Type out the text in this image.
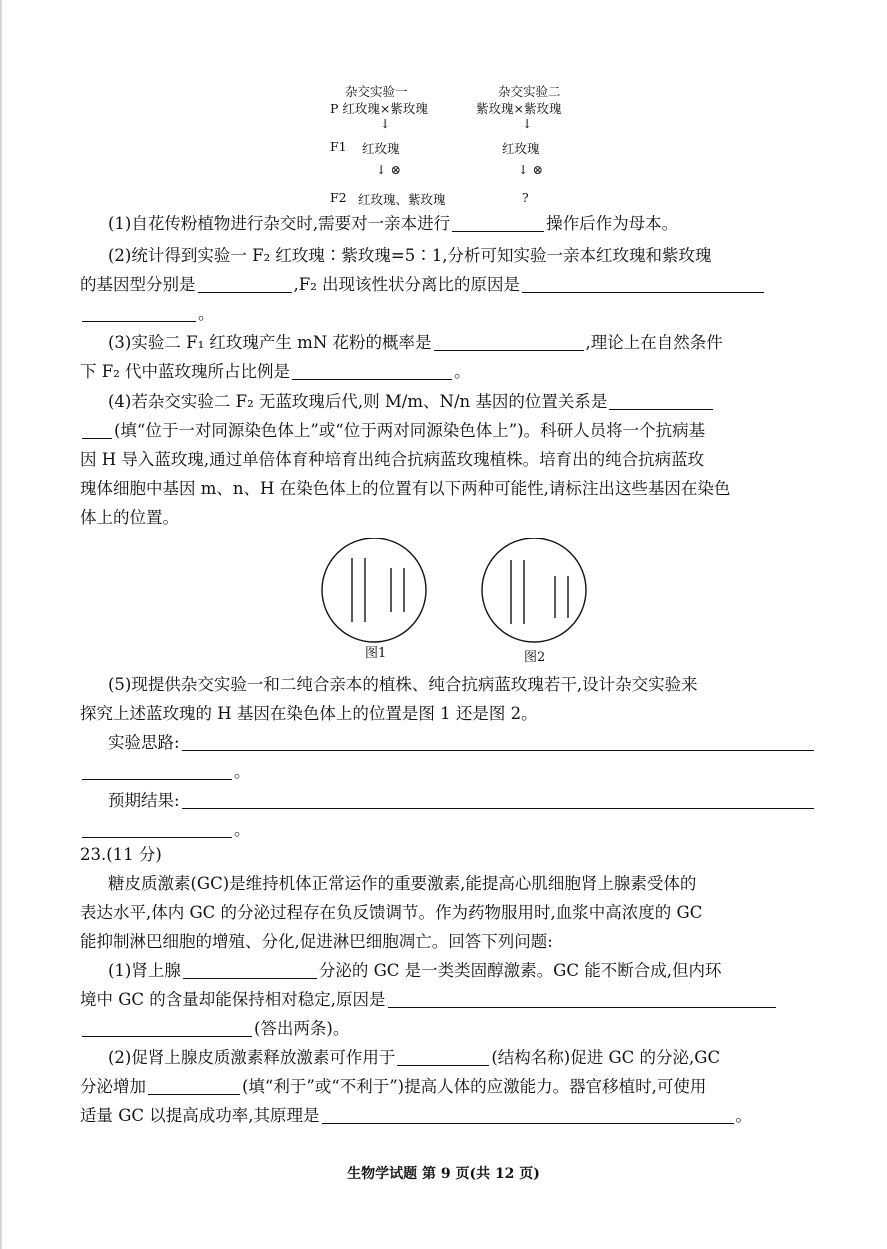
杂交实验一	杂交实验二
P 红玫瑰×紫玫瑰	紫玫瑰×紫玫瑰
↓	↓
F1 红玫瑰	红玫瑰
↓ ⊗	↓ ⊗
F2 红玫瑰、紫玫瑰	?
(1)自花传粉植物进行杂交时,需要对一亲本进行	操作后作为母本。
(2)统计得到实验一 F₂ 红玫瑰∶紫玫瑰=5∶1,分析可知实验一亲本红玫瑰和紫玫瑰
的基因型分别是	,F₂ 出现该性状分离比的原因是
。
(3)实验二 F₁ 红玫瑰产生 mN 花粉的概率是	,理论上在自然条件
下 F₂ 代中蓝玫瑰所占比例是	。
(4)若杂交实验二 F₂ 无蓝玫瑰后代,则 M/m、N/n 基因的位置关系是
(填“位于一对同源染色体上”或“位于两对同源染色体上”)。科研人员将一个抗病基
因 H 导入蓝玫瑰,通过单倍体育种培育出纯合抗病蓝玫瑰植株。培育出的纯合抗病蓝玫
瑰体细胞中基因 m、n、H 在染色体上的位置有以下两种可能性,请标注出这些基因在染色
体上的位置。
图1	图2
(5)现提供杂交实验一和二纯合亲本的植株、纯合抗病蓝玫瑰若干,设计杂交实验来
探究上述蓝玫瑰的 H 基因在染色体上的位置是图 1 还是图 2。
实验思路:
。
预期结果:
。
23.(11 分)
糖皮质激素(GC)是维持机体正常运作的重要激素,能提高心肌细胞肾上腺素受体的
表达水平,体内 GC 的分泌过程存在负反馈调节。作为药物服用时,血浆中高浓度的 GC
能抑制淋巴细胞的增殖、分化,促进淋巴细胞凋亡。回答下列问题:
(1)肾上腺	分泌的 GC 是一类类固醇激素。GC 能不断合成,但内环
境中 GC 的含量却能保持相对稳定,原因是
(答出两条)。
(2)促肾上腺皮质激素释放激素可作用于	(结构名称)促进 GC 的分泌,GC
分泌增加	(填“利于”或“不利于”)提高人体的应激能力。器官移植时,可使用
适量 GC 以提高成功率,其原理是	。
生物学试题 第 9 页(共 12 页)
